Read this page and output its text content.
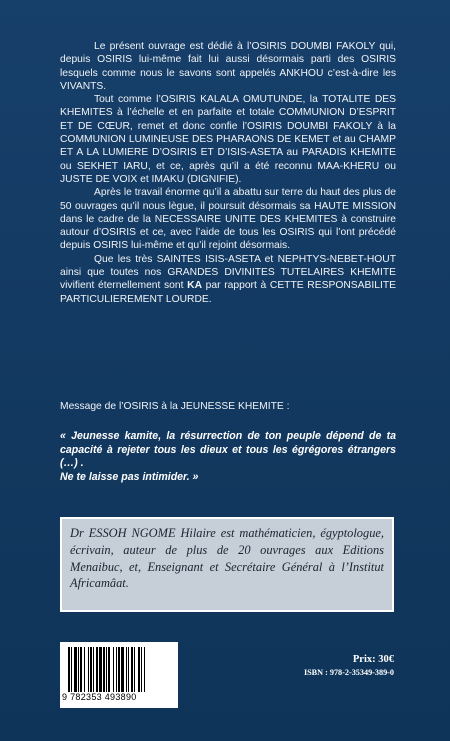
Le présent ouvrage est dédié à l’OSIRIS DOUMBI FAKOLY qui, depuis OSIRIS lui-même fait lui aussi désormais parti des OSIRIS lesquels comme nous le savons sont appelés ANKHOU c’est-à-dire les VIVANTS.

Tout comme l’OSIRIS KALALA OMUTUNDE, la TOTALITE DES KHEMITES à l’échelle et en parfaite et totale COMMUNION D’ESPRIT ET DE CŒUR, remet et donc confie l’OSIRIS DOUMBI FAKOLY à la COMMUNION LUMINEUSE DES PHARAONS DE KEMET et au CHAMP ET A LA LUMIERE D’OSIRIS ET D’ISIS-ASETA au PARADIS KHEMITE ou SEKHET IARU, et ce, après qu’il a été reconnu MAA-KHERU ou JUSTE DE VOIX et IMAKU (DIGNIFIE).

Après le travail énorme qu’il a abattu sur terre du haut des plus de 50 ouvrages qu’il nous lègue, il poursuit désormais sa HAUTE MISSION dans le cadre de la NECESSAIRE UNITE DES KHEMITES à construire autour d’OSIRIS et ce, avec l’aide de tous les OSIRIS qui l’ont précédé depuis OSIRIS lui-même et qu’il rejoint désormais.

Que les très SAINTES ISIS-ASETA et NEPHTYS-NEBET-HOUT ainsi que toutes nos GRANDES DIVINITES TUTELAIRES KHEMITE vivifient éternellement sont KA par rapport à CETTE RESPONSABILITE PARTICULIEREMENT LOURDE.

Message de l’OSIRIS à la JEUNESSE KHEMITE :
« Jeunesse kamite, la résurrection de ton peuple dépend de ta capacité à rejeter tous les dieux et tous les égrégores étrangers (…) .
Ne te laisse pas intimider. »
Dr ESSOH NGOME Hilaire est mathématicien, égyptologue, écrivain, auteur de plus de 20 ouvrages aux Editions Menaibuc, et, Enseignant et Secrétaire Général à l’Institut Africamâat.
9 782353 493890
Prix: 30€
ISBN : 978-2-35349-389-0
